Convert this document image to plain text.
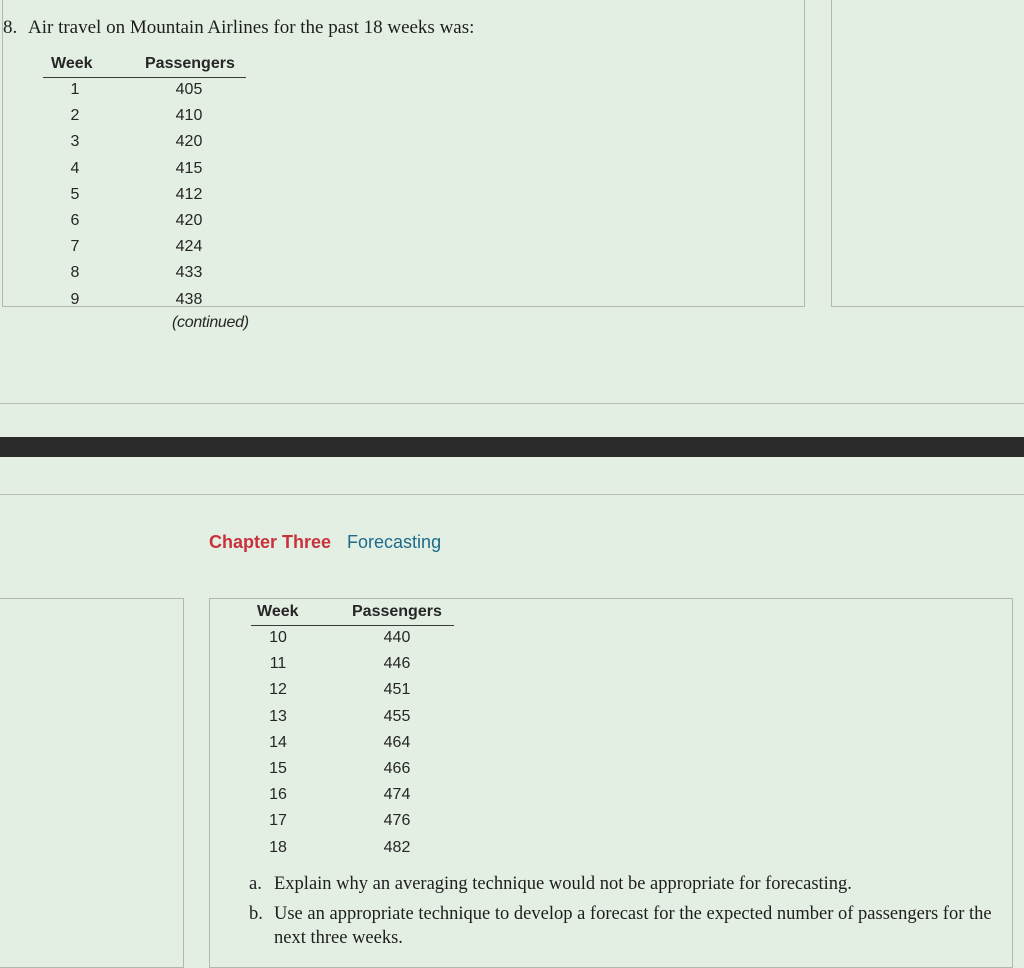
8. Air travel on Mountain Airlines for the past 18 weeks was:
Week	Passengers
1	405
2	410
3	420
4	415
5	412
6	420
7	424
8	433
9	438
(continued)
Chapter Three Forecasting
Week	Passengers
10	440
11	446
12	451
13	455
14	464
15	466
16	474
17	476
18	482
a. Explain why an averaging technique would not be appropriate for forecasting.
b. Use an appropriate technique to develop a forecast for the expected number of passengers for the next three weeks.
